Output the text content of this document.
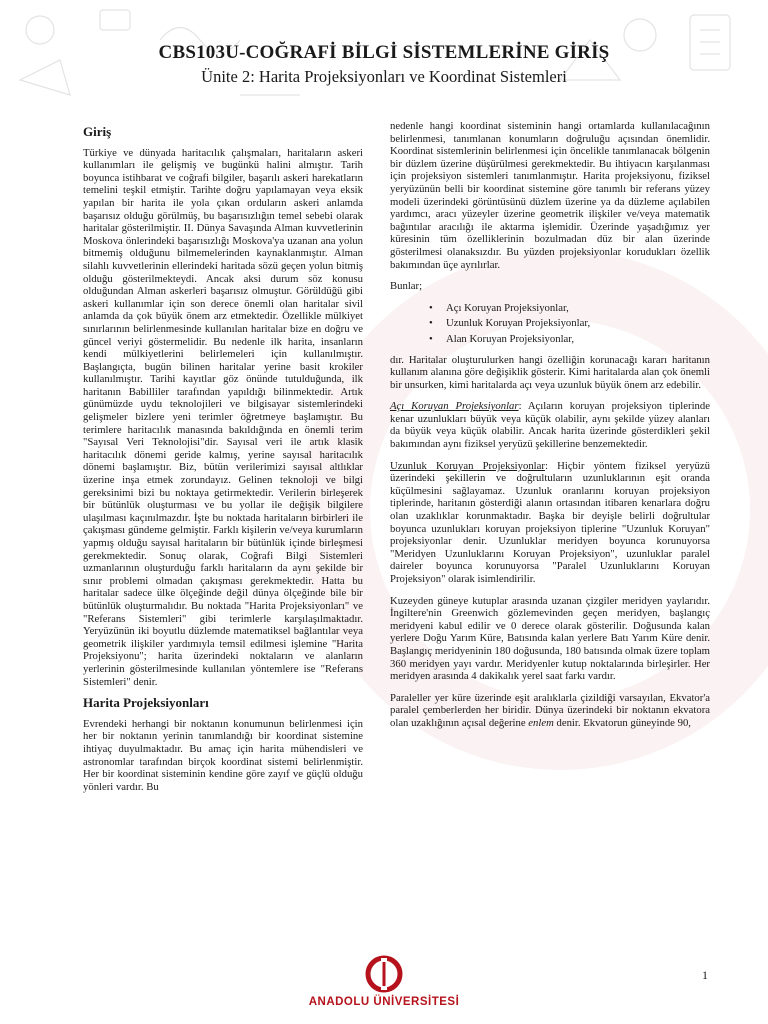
CBS103U-COĞRAFİ BİLGİ SİSTEMLERİNE GİRİŞ
Ünite 2: Harita Projeksiyonları ve Koordinat Sistemleri
Giriş

Türkiye ve dünyada haritacılık çalışmaları, haritaların askeri kullanımları ile gelişmiş ve bugünkü halini almıştır. Tarih boyunca istihbarat ve coğrafi bilgiler, başarılı askeri harekatların temelini teşkil etmiştir. Tarihte doğru yapılamayan veya eksik yapılan bir harita ile yola çıkan orduların askeri anlamda başarısız olduğu görülmüş, bu başarısızlığın temel sebebi olarak haritalar gösterilmiştir. II. Dünya Savaşında Alman kuvvetlerinin Moskova önlerindeki başarısızlığı Moskova'ya uzanan ana yolun bitmemiş olduğunu bilmemelerinden kaynaklanmıştır. Alman silahlı kuvvetlerinin ellerindeki haritada sözü geçen yolun bitmiş olduğu gösterilmekteydi. Ancak aksi durum söz konusu olduğundan Alman askerleri başarısız olmuştur. Görüldüğü gibi askeri kullanımlar için son derece önemli olan haritalar sivil anlamda da çok büyük önem arz etmektedir. Özellikle mülkiyet sınırlarının belirlenmesinde kullanılan haritalar bize en doğru ve güncel veriyi göstermelidir. Bu nedenle ilk harita, insanların kendi mülkiyetlerini belirlemeleri için kullanılmıştır. Başlangıçta, bugün bilinen haritalar yerine basit krokiler kullanılmıştır. Tarihi kayıtlar göz önünde tutulduğunda, ilk haritanın Babilliler tarafından yapıldığı bilinmektedir. Artık günümüzde uydu teknolojileri ve bilgisayar sistemlerindeki gelişmeler bizlere yeni terimler öğretmeye başlamıştır. Bu terimlere haritacılık manasında bakıldığında en önemli terim "Sayısal Veri Teknolojisi"dir. Sayısal veri ile artık klasik haritacılık dönemi geride kalmış, yerine sayısal haritacılık dönemi başlamıştır. Biz, bütün verilerimizi sayısal altlıklar üzerine inşa etmek zorundayız. Gelinen teknoloji ve bilgi gereksinimi bizi bu noktaya getirmektedir. Verilerin birleşerek bir bütünlük oluşturması ve bu yollar ile değişik bilgilere ulaşılması kaçınılmazdır. İşte bu noktada haritaların birbirleri ile çakışması gündeme gelmiştir. Farklı kişilerin ve/veya kurumların yapmış olduğu sayısal haritaların bir bütünlük içinde birleşmesi gerekmektedir. Sonuç olarak, Coğrafi Bilgi Sistemleri uzmanlarının oluşturduğu farklı haritaların da aynı şekilde bir sınır problemi olmadan çakışması gerekmektedir. Hatta bu haritalar sadece ülke ölçeğinde değil dünya ölçeğinde bile bir bütünlük oluşturmalıdır. Bu noktada "Harita Projeksiyonları" ve "Referans Sistemleri" gibi terimlerle karşılaşılmaktadır. Yeryüzünün iki boyutlu düzlemde matematiksel bağlantılar veya geometrik ilişkiler yardımıyla temsil edilmesi işlemine "Harita Projeksiyonu"; harita üzerindeki noktaların ve alanların yerlerinin gösterilmesinde kullanılan yöntemlere ise "Referans Sistemleri" denir.

Harita Projeksiyonları

Evrendeki herhangi bir noktanın konumunun belirlenmesi için her bir noktanın yerinin tanımlandığı bir koordinat sistemine ihtiyaç duyulmaktadır. Bu amaç için harita mühendisleri ve astronomlar tarafından birçok koordinat sistemi belirlenmiştir. Her bir koordinat sisteminin kendine göre zayıf ve güçlü olduğu yönleri vardır. Bu

nedenle hangi koordinat sisteminin hangi ortamlarda kullanılacağının belirlenmesi, tanımlanan konumların doğruluğu açısından önemlidir. Koordinat sistemlerinin belirlenmesi için öncelikle tanımlanacak bölgenin bir düzlem üzerine düşürülmesi gerekmektedir. Bu ihtiyacın karşılanması için projeksiyon sistemleri tanımlanmıştır. Harita projeksiyonu, fiziksel yeryüzünün belli bir koordinat sistemine göre tanımlı bir referans yüzey modeli üzerindeki görüntüsünü düzlem üzerine ya da düzleme açılabilen yardımcı, aracı yüzeyler üzerine geometrik ilişkiler ve/veya matematik bağıntılar aracılığı ile aktarma işlemidir. Üzerinde yaşadığımız yer küresinin tüm özelliklerinin bozulmadan düz bir alan üzerinde gösterilmesi olanaksızdır. Bu yüzden projeksiyonlar korudukları özellik bakımından üçe ayrılırlar.

Bunlar;

• Açı Koruyan Projeksiyonlar,
• Uzunluk Koruyan Projeksiyonlar,
• Alan Koruyan Projeksiyonlar,

dır. Haritalar oluşturulurken hangi özelliğin korunacağı kararı haritanın kullanım alanına göre değişiklik gösterir. Kimi haritalarda alan çok önemli bir unsurken, kimi haritalarda açı veya uzunluk büyük önem arz edebilir.

Açı Koruyan Projeksiyonlar: Açıların koruyan projeksiyon tiplerinde kenar uzunlukları büyük veya küçük olabilir, aynı şekilde yüzey alanları da büyük veya küçük olabilir. Ancak harita üzerinde gösterdikleri şekil bakımından aynı fiziksel yeryüzü şekillerine benzemektedir.

Uzunluk Koruyan Projeksiyonlar: Hiçbir yöntem fiziksel yeryüzü üzerindeki şekillerin ve doğrultuların uzunluklarının eşit oranda küçülmesini sağlayamaz. Uzunluk oranlarını koruyan projeksiyon tiplerinde, haritanın gösterdiği alanın ortasından itibaren kenarlara doğru olan uzaklıklar korunmaktadır. Başka bir deyişle belirli doğrultular boyunca uzunlukları koruyan projeksiyon tiplerine "Uzunluk Koruyan" projeksiyonlar denir. Uzunluklar meridyen boyunca korunuyorsa "Meridyen Uzunluklarını Koruyan Projeksiyon", uzunluklar paralel daireler boyunca korunuyorsa "Paralel Uzunluklarını Koruyan Projeksiyon" olarak isimlendirilir.

Kuzeyden güneye kutuplar arasında uzanan çizgiler meridyen yaylarıdır. İngiltere'nin Greenwich gözlemevinden geçen meridyen, başlangıç meridyeni kabul edilir ve 0 derece olarak gösterilir. Doğusunda kalan yerlere Doğu Yarım Küre, Batısında kalan yerlere Batı Yarım Küre denir. Başlangıç meridyeninin 180 doğusunda, 180 batısında olmak üzere toplam 360 meridyen yayı vardır. Meridyenler kutup noktalarında birleşirler. Her meridyen arasında 4 dakikalık yerel saat farkı vardır.

Paraleller yer küre üzerinde eşit aralıklarla çizildiği varsayılan, Ekvator'a paralel çemberlerden her biridir. Dünya üzerindeki bir noktanın ekvatora olan uzaklığının açısal değerine enlem denir. Ekvatorun güneyinde 90,

1
ANADOLU ÜNİVERSİTESİ
